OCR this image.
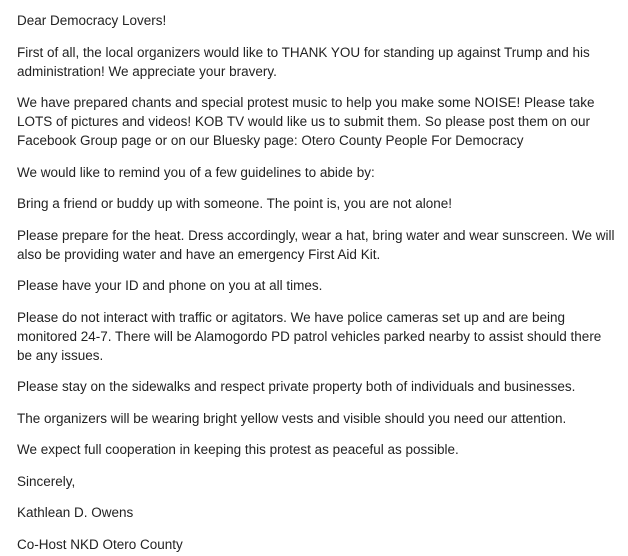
Dear Democracy Lovers!

First of all, the local organizers would like to THANK YOU for standing up against Trump and his administration! We appreciate your bravery.

We have prepared chants and special protest music to help you make some NOISE! Please take LOTS of pictures and videos! KOB TV would like us to submit them. So please post them on our Facebook Group page or on our Bluesky page: Otero County People For Democracy

We would like to remind you of a few guidelines to abide by:

Bring a friend or buddy up with someone. The point is, you are not alone!

Please prepare for the heat. Dress accordingly, wear a hat, bring water and wear sunscreen. We will also be providing water and have an emergency First Aid Kit.

Please have your ID and phone on you at all times.

Please do not interact with traffic or agitators. We have police cameras set up and are being monitored 24-7. There will be Alamogordo PD patrol vehicles parked nearby to assist should there be any issues.

Please stay on the sidewalks and respect private property both of individuals and businesses.

The organizers will be wearing bright yellow vests and visible should you need our attention.

We expect full cooperation in keeping this protest as peaceful as possible.

Sincerely,

Kathlean D. Owens

Co-Host NKD Otero County
